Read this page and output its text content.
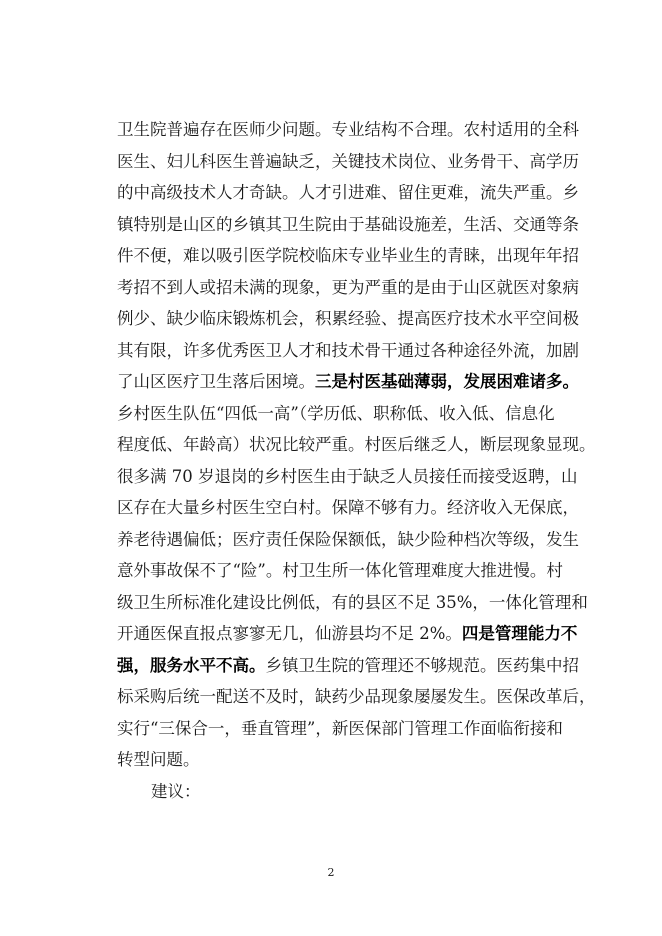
卫生院普遍存在医师少问题。专业结构不合理。农村适用的全科
医生、妇儿科医生普遍缺乏，关键技术岗位、业务骨干、高学历
的中高级技术人才奇缺。人才引进难、留住更难，流失严重。乡
镇特别是山区的乡镇其卫生院由于基础设施差，生活、交通等条
件不便，难以吸引医学院校临床专业毕业生的青睐，出现年年招
考招不到人或招未满的现象，更为严重的是由于山区就医对象病
例少、缺少临床锻炼机会，积累经验、提高医疗技术水平空间极
其有限，许多优秀医卫人才和技术骨干通过各种途径外流，加剧
了山区医疗卫生落后困境。三是村医基础薄弱，发展困难诸多。
乡村医生队伍“四低一高”（学历低、职称低、收入低、信息化
程度低、年龄高）状况比较严重。村医后继乏人，断层现象显现。
很多满 70 岁退岗的乡村医生由于缺乏人员接任而接受返聘，山
区存在大量乡村医生空白村。保障不够有力。经济收入无保底，
养老待遇偏低；医疗责任保险保额低，缺少险种档次等级，发生
意外事故保不了“险”。村卫生所一体化管理难度大推进慢。村
级卫生所标准化建设比例低，有的县区不足 35%，一体化管理和
开通医保直报点寥寥无几，仙游县均不足 2%。四是管理能力不
强，服务水平不高。乡镇卫生院的管理还不够规范。医药集中招
标采购后统一配送不及时，缺药少品现象屡屡发生。医保改革后，
实行“三保合一，垂直管理”，新医保部门管理工作面临衔接和
转型问题。
建议：
2
